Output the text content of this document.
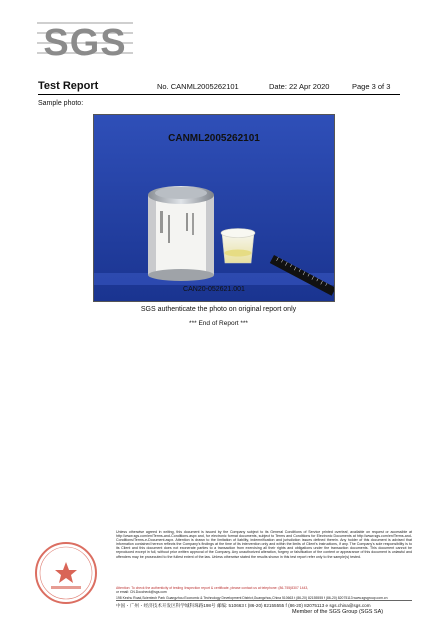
SGS
Test Report	No. CANML2005262101	Date: 22 Apr 2020	Page 3 of 3
Sample photo:
CANML2005262101
CAN20-052621.001
SGS authenticate the photo on original report only
*** End of Report ***
Unless otherwise agreed in writing, this document is issued by the Company subject to its General Conditions of Service printed overleaf, available on request or accessible at http://www.sgs.com/en/Terms-and-Conditions.aspx and, for electronic format documents, subject to Terms and Conditions for Electronic Documents at http://www.sgs.com/en/Terms-and-Conditions/Terms-e-Document.aspx. Attention is drawn to the limitation of liability, indemnification and jurisdiction issues defined therein. Any holder of this document is advised that information contained hereon reflects the Company's findings at the time of its intervention only and within the limits of Client's instructions, if any. The Company's sole responsibility is to its Client and this document does not exonerate parties to a transaction from exercising all their rights and obligations under the transaction documents. This document cannot be reproduced except in full, without prior written approval of the Company. Any unauthorized alteration, forgery or falsification of the content or appearance of this document is unlawful and offenders may be prosecuted to the fullest extent of the law. Unless otherwise stated the results shown in this test report refer only to the sample(s) tested.
Attention: To check the authenticity of testing /inspection report & certificate, please contact us at telephone: (86-755)8307 1443,
or email: CN.Doccheck@sgs.com
198 Kezhu Road,Scientech Park Guangzhou Economic & Technology Development District,Guangzhou,China 510663 t (86-20) 82155555 f (86-20) 82075113 www.sgsgroup.com.cn
中国・广州・经济技术开发区科学城科珠路198号 邮编: 510663 t (86-20) 82155555 f (86-20) 82075113 e sgs.china@sgs.com
Member of the SGS Group (SGS SA)
